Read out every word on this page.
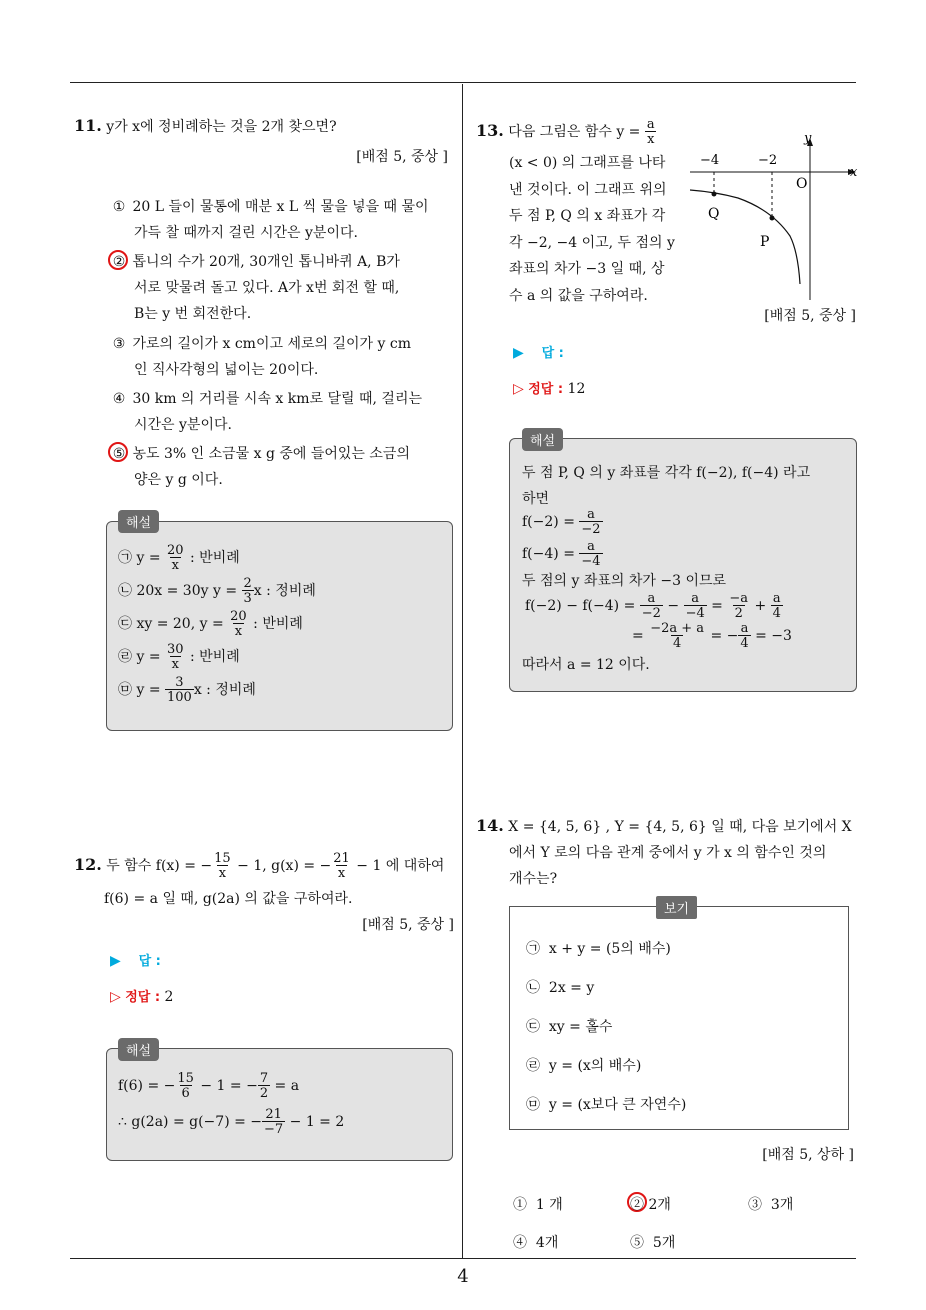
11. y가 x에 정비례하는 것을 2개 찾으면?
[배점 5, 중상 ]
① 20 L 들이 물통에 매분 x L 씩 물을 넣을 때 물이
가득 찰 때까지 걸린 시간은 y분이다.
② 톱니의 수가 20개, 30개인 톱니바퀴 A, B가
서로 맞물려 돌고 있다. A가 x번 회전 할 때,
B는 y 번 회전한다.
③ 가로의 길이가 x cm이고 세로의 길이가 y cm
인 직사각형의 넓이는 20이다.
④ 30 km 의 거리를 시속 x km로 달릴 때, 걸리는
시간은 y분이다.
⑤ 농도 3% 인 소금물 x g 중에 들어있는 소금의
양은 y g 이다.
해설
㉠ $y = \frac{20}{x}$ : 반비례
㉡ 20x = 30y $y = \frac{2}{3}$ x : 정비례
㉢ xy = 20, $y = \frac{20}{x}$ : 반비례
㉣ $y = \frac{30}{x}$ : 반비례
㉤ $y = \frac{3}{100}$ x : 정비례
12. 두 함수 f(x) = − $\frac{15}{x} - 1$, g(x) = − $\frac{21}{x} - 1$ 에 대하여
f(6) = a 일 때, g(2a) 의 값을 구하여라.
[배점 5, 중상 ]
▶ 답 :
▷ 정답 : 2
해설
f(6) = − $\frac{15}{6} - 1$ = − $\frac{7}{2} = a$
∴ g(2a) = g(−7) = − $\frac{21}{-7} - 1 = 2$
13. 다음 그림은 함수 $y = \frac{a}{x}$
(x < 0) 의 그래프를 나타
낸 것이다. 이 그래프 위의
두 점 P, Q 의 x 좌표가 각
각 −2, −4 이고, 두 점의 y
좌표의 차가 −3 일 때, 상
수 a 의 값을 구하여라.
y
x
O
−4	−2
Q
P
[배점 5, 중상 ]
▶ 답 :
▷ 정답 : 12
해설
두 점 P, Q 의 y 좌표를 각각 f(−2), f(−4) 라고
하면
$f(-2) = \frac{a}{-2}$
$f(-4) = \frac{a}{-4}$
두 점의 y 좌표의 차가 −3 이므로
$f(-2) - f(-4) = \frac{a}{-2} - \frac{a}{-4} = \frac{-a}{2} + \frac{a}{4}$
= $\frac{-2a + a}{4}$ = − $\frac{a}{4} = -3$
따라서 a = 12 이다.
14. X = {4, 5, 6} , Y = {4, 5, 6} 일 때, 다음 보기에서 X
에서 Y 로의 다음 관계 중에서 y 가 x 의 함수인 것의
개수는?
보기
㉠ x + y = (5의 배수)
㉡ 2x = y
㉢ xy = 홀수
㉣ y = (x의 배수)
㉤ y = (x보다 큰 자연수)
[배점 5, 상하 ]
① 1 개	② 2개	③ 3개
④ 4개	⑤ 5개
4
